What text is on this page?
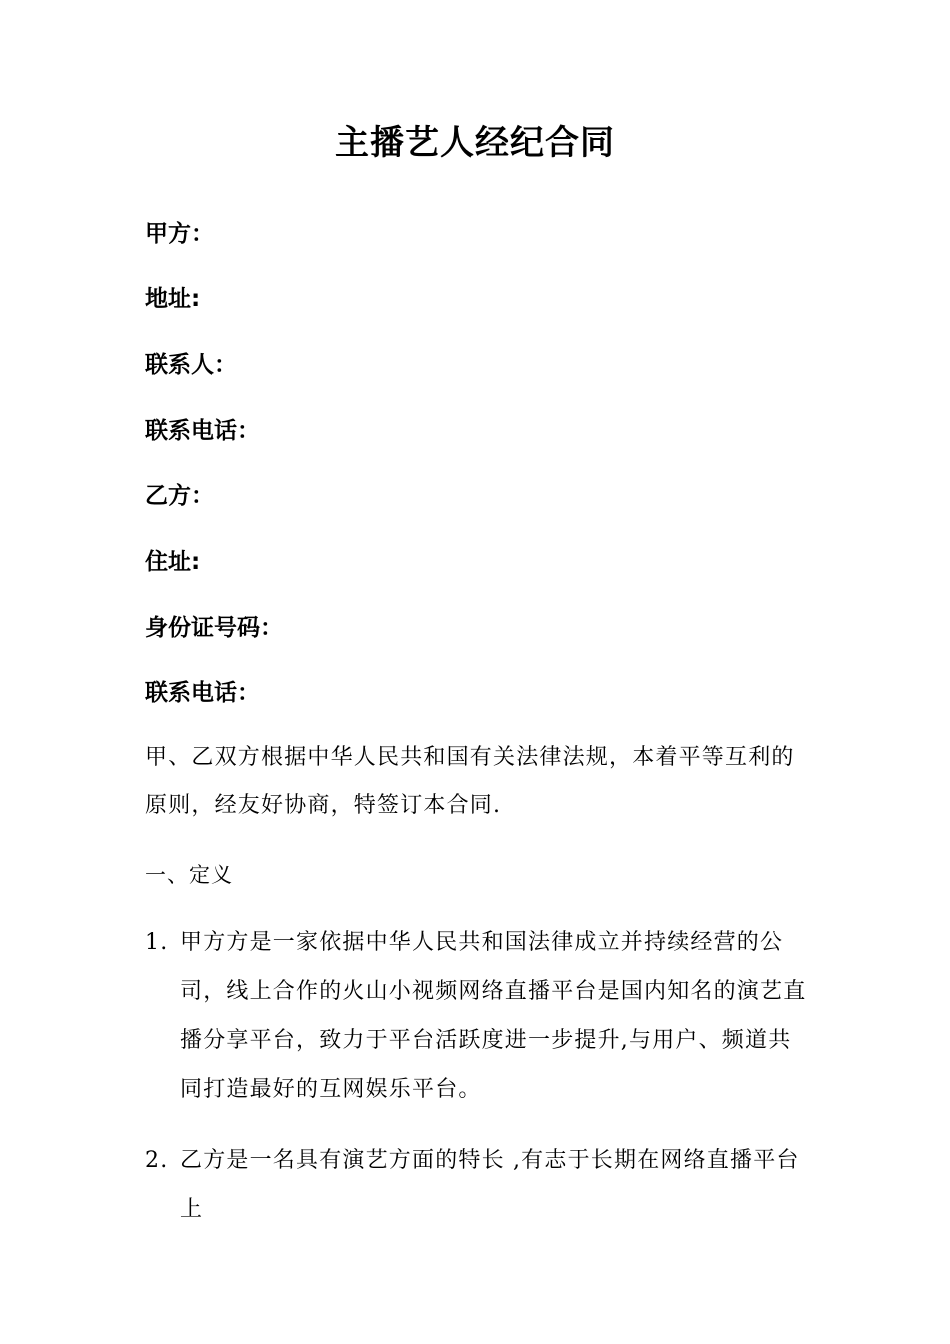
主播艺人经纪合同
甲方：
地址:
联系人：
联系电话：
乙方：
住址:
身份证号码：
联系电话：
甲、乙双方根据中华人民共和国有关法律法规，本着平等互利的原则，经友好协商，特签订本合同.
一、定义
1. 甲方方是一家依据中华人民共和国法律成立并持续经营的公司，线上合作的火山小视频网络直播平台是国内知名的演艺直播分享平台，致力于平台活跃度进一步提升,与用户、频道共同打造最好的互网娱乐平台。
2. 乙方是一名具有演艺方面的特长 ,有志于长期在网络直播平台上
